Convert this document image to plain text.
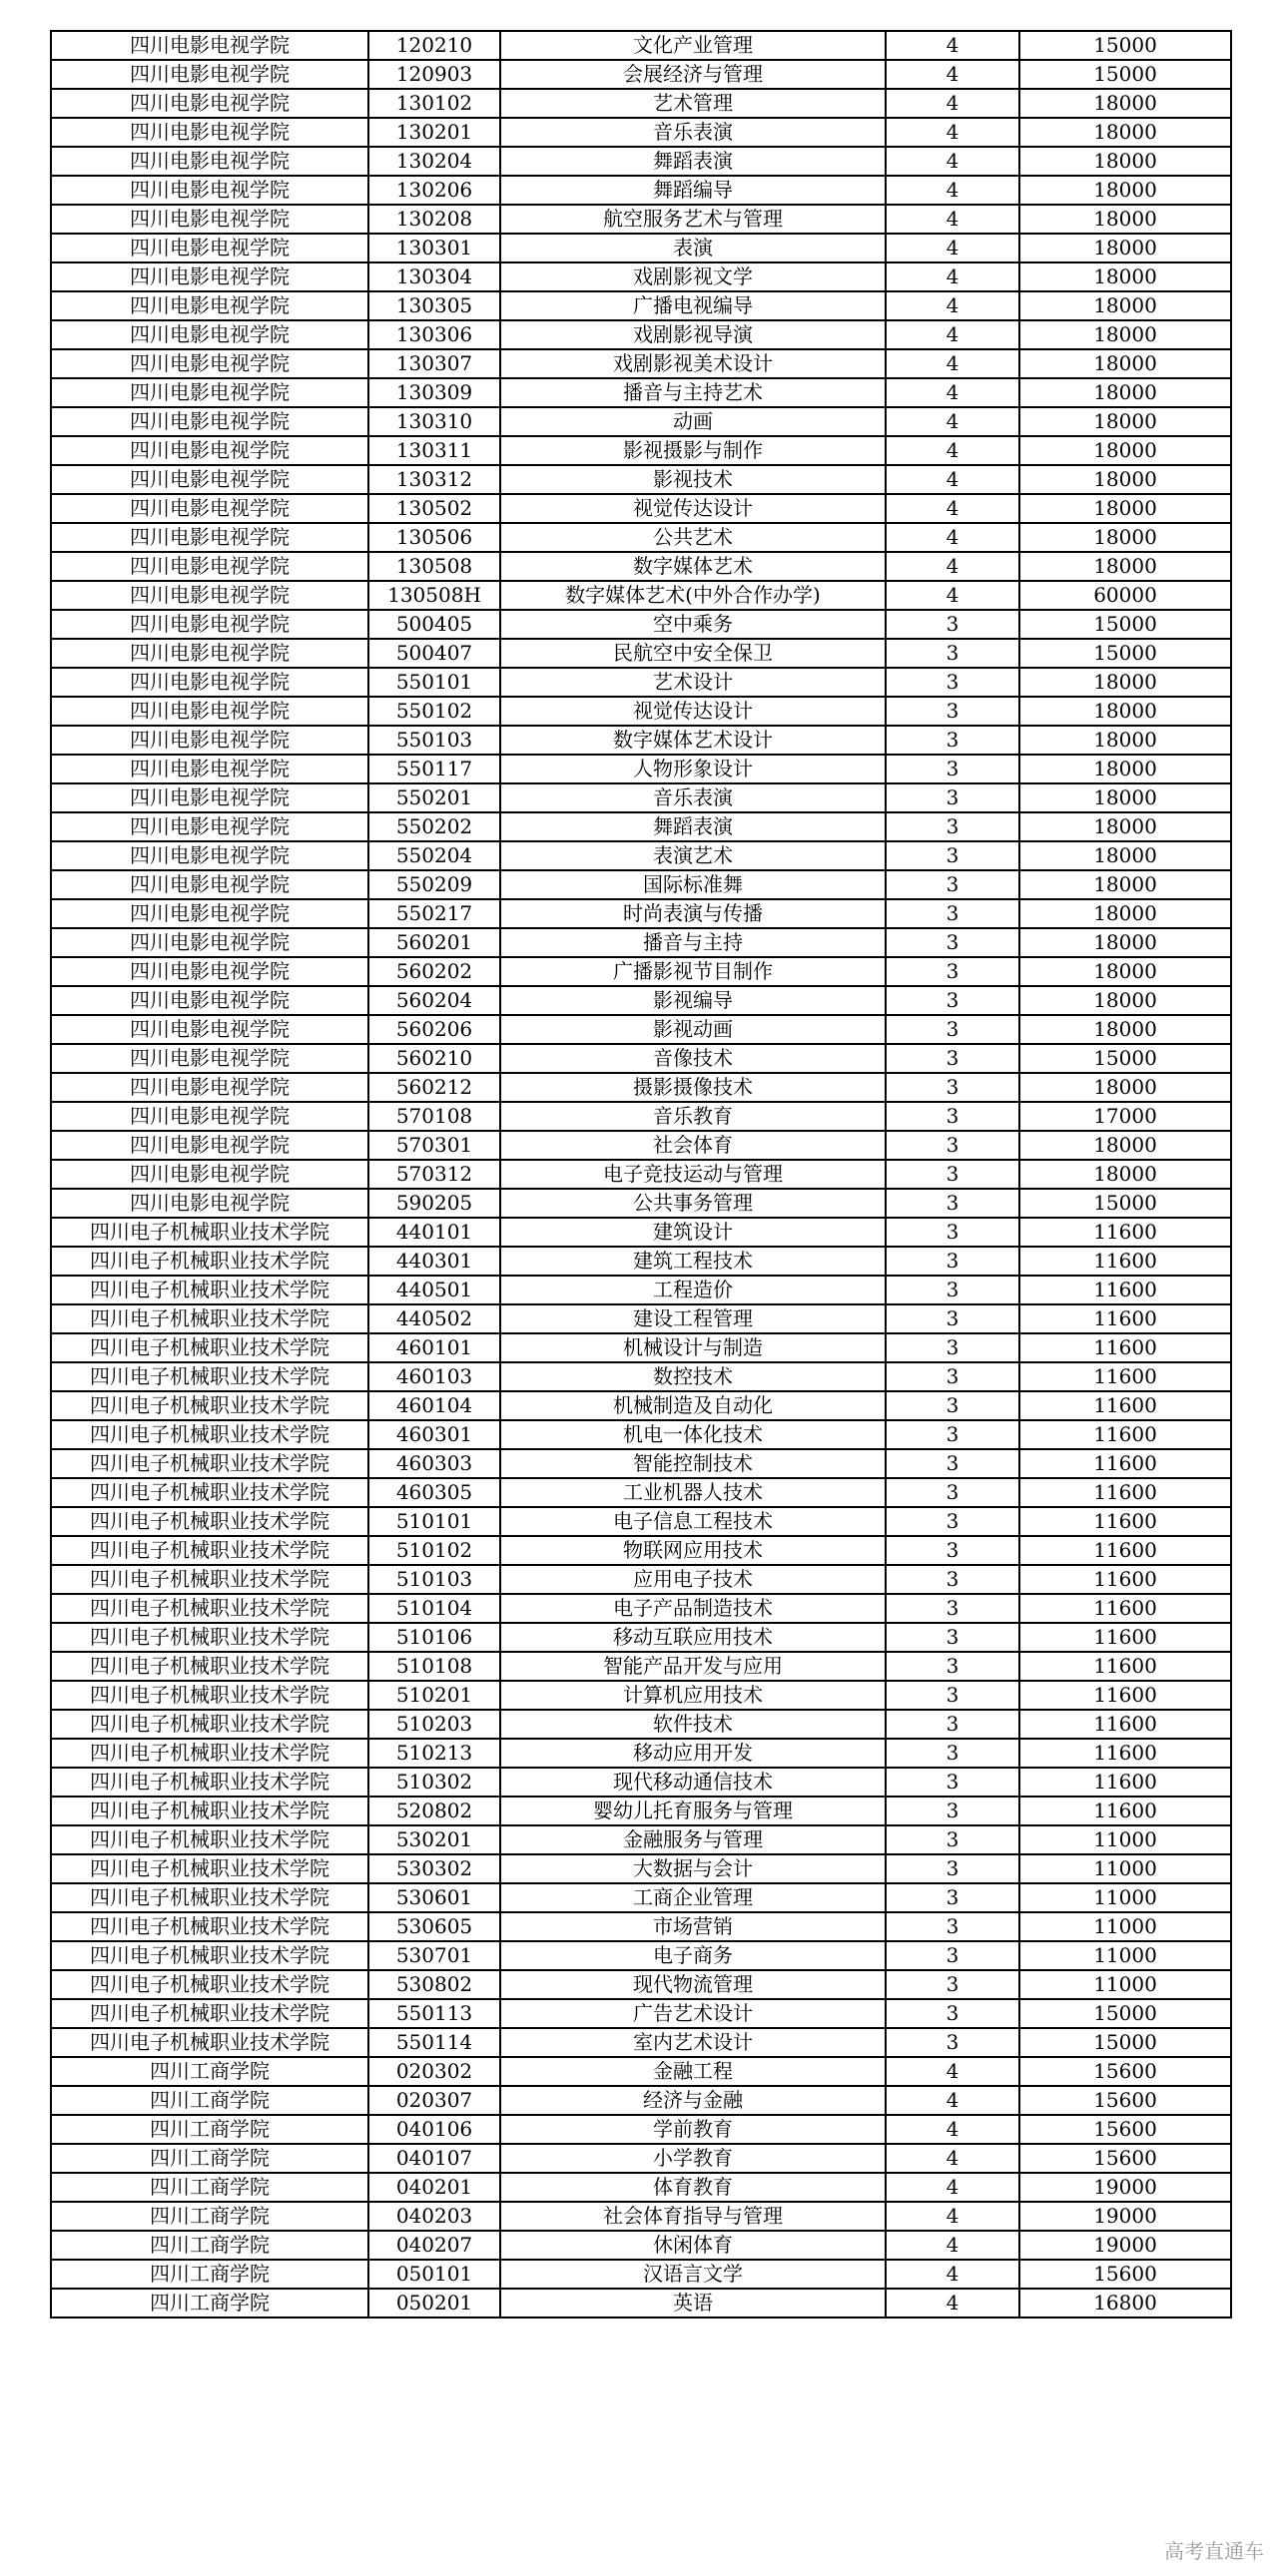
四川电影电视学院	120210	文化产业管理	4	15000
四川电影电视学院	120903	会展经济与管理	4	15000
四川电影电视学院	130102	艺术管理	4	18000
四川电影电视学院	130201	音乐表演	4	18000
四川电影电视学院	130204	舞蹈表演	4	18000
四川电影电视学院	130206	舞蹈编导	4	18000
四川电影电视学院	130208	航空服务艺术与管理	4	18000
四川电影电视学院	130301	表演	4	18000
四川电影电视学院	130304	戏剧影视文学	4	18000
四川电影电视学院	130305	广播电视编导	4	18000
四川电影电视学院	130306	戏剧影视导演	4	18000
四川电影电视学院	130307	戏剧影视美术设计	4	18000
四川电影电视学院	130309	播音与主持艺术	4	18000
四川电影电视学院	130310	动画	4	18000
四川电影电视学院	130311	影视摄影与制作	4	18000
四川电影电视学院	130312	影视技术	4	18000
四川电影电视学院	130502	视觉传达设计	4	18000
四川电影电视学院	130506	公共艺术	4	18000
四川电影电视学院	130508	数字媒体艺术	4	18000
四川电影电视学院	130508H	数字媒体艺术(中外合作办学)	4	60000
四川电影电视学院	500405	空中乘务	3	15000
四川电影电视学院	500407	民航空中安全保卫	3	15000
四川电影电视学院	550101	艺术设计	3	18000
四川电影电视学院	550102	视觉传达设计	3	18000
四川电影电视学院	550103	数字媒体艺术设计	3	18000
四川电影电视学院	550117	人物形象设计	3	18000
四川电影电视学院	550201	音乐表演	3	18000
四川电影电视学院	550202	舞蹈表演	3	18000
四川电影电视学院	550204	表演艺术	3	18000
四川电影电视学院	550209	国际标准舞	3	18000
四川电影电视学院	550217	时尚表演与传播	3	18000
四川电影电视学院	560201	播音与主持	3	18000
四川电影电视学院	560202	广播影视节目制作	3	18000
四川电影电视学院	560204	影视编导	3	18000
四川电影电视学院	560206	影视动画	3	18000
四川电影电视学院	560210	音像技术	3	15000
四川电影电视学院	560212	摄影摄像技术	3	18000
四川电影电视学院	570108	音乐教育	3	17000
四川电影电视学院	570301	社会体育	3	18000
四川电影电视学院	570312	电子竞技运动与管理	3	18000
四川电影电视学院	590205	公共事务管理	3	15000
四川电子机械职业技术学院	440101	建筑设计	3	11600
四川电子机械职业技术学院	440301	建筑工程技术	3	11600
四川电子机械职业技术学院	440501	工程造价	3	11600
四川电子机械职业技术学院	440502	建设工程管理	3	11600
四川电子机械职业技术学院	460101	机械设计与制造	3	11600
四川电子机械职业技术学院	460103	数控技术	3	11600
四川电子机械职业技术学院	460104	机械制造及自动化	3	11600
四川电子机械职业技术学院	460301	机电一体化技术	3	11600
四川电子机械职业技术学院	460303	智能控制技术	3	11600
四川电子机械职业技术学院	460305	工业机器人技术	3	11600
四川电子机械职业技术学院	510101	电子信息工程技术	3	11600
四川电子机械职业技术学院	510102	物联网应用技术	3	11600
四川电子机械职业技术学院	510103	应用电子技术	3	11600
四川电子机械职业技术学院	510104	电子产品制造技术	3	11600
四川电子机械职业技术学院	510106	移动互联应用技术	3	11600
四川电子机械职业技术学院	510108	智能产品开发与应用	3	11600
四川电子机械职业技术学院	510201	计算机应用技术	3	11600
四川电子机械职业技术学院	510203	软件技术	3	11600
四川电子机械职业技术学院	510213	移动应用开发	3	11600
四川电子机械职业技术学院	510302	现代移动通信技术	3	11600
四川电子机械职业技术学院	520802	婴幼儿托育服务与管理	3	11600
四川电子机械职业技术学院	530201	金融服务与管理	3	11000
四川电子机械职业技术学院	530302	大数据与会计	3	11000
四川电子机械职业技术学院	530601	工商企业管理	3	11000
四川电子机械职业技术学院	530605	市场营销	3	11000
四川电子机械职业技术学院	530701	电子商务	3	11000
四川电子机械职业技术学院	530802	现代物流管理	3	11000
四川电子机械职业技术学院	550113	广告艺术设计	3	15000
四川电子机械职业技术学院	550114	室内艺术设计	3	15000
四川工商学院	020302	金融工程	4	15600
四川工商学院	020307	经济与金融	4	15600
四川工商学院	040106	学前教育	4	15600
四川工商学院	040107	小学教育	4	15600
四川工商学院	040201	体育教育	4	19000
四川工商学院	040203	社会体育指导与管理	4	19000
四川工商学院	040207	休闲体育	4	19000
四川工商学院	050101	汉语言文学	4	15600
四川工商学院	050201	英语	4	16800
高考直通车
